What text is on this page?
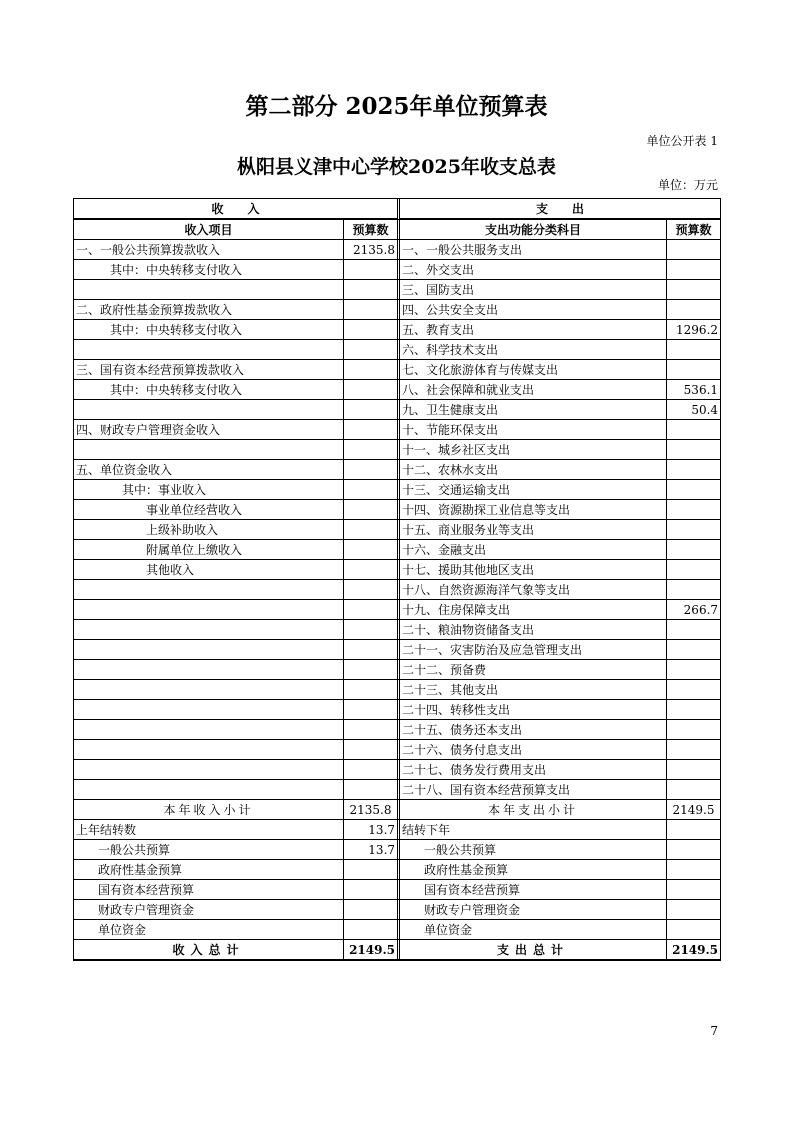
第二部分 2025年单位预算表
单位公开表 1
枞阳县义津中心学校2025年收支总表
单位：万元
收　　入			支　　出	
收入项目	预算数		支出功能分类科目	预算数
一、一般公共预算拨款收入	2135.8		一、一般公共服务支出	
其中：中央转移支付收入			二、外交支出	
			三、国防支出	
二、政府性基金预算拨款收入			四、公共安全支出	
其中：中央转移支付收入			五、教育支出	1296.2
			六、科学技术支出	
三、国有资本经营预算拨款收入			七、文化旅游体育与传媒支出	
其中：中央转移支付收入			八、社会保障和就业支出	536.1
			九、卫生健康支出	50.4
四、财政专户管理资金收入			十、节能环保支出	
			十一、城乡社区支出	
五、单位资金收入			十二、农林水支出	
其中：事业收入			十三、交通运输支出	
事业单位经营收入			十四、资源勘探工业信息等支出	
上级补助收入			十五、商业服务业等支出	
附属单位上缴收入			十六、金融支出	
其他收入			十七、援助其他地区支出	
			十八、自然资源海洋气象等支出	
			十九、住房保障支出	266.7
			二十、粮油物资储备支出	
			二十一、灾害防治及应急管理支出	
			二十二、预备费	
			二十三、其他支出	
			二十四、转移性支出	
			二十五、债务还本支出	
			二十六、债务付息支出	
			二十七、债务发行费用支出	
			二十八、国有资本经营预算支出	
本年收入小计	2135.8		本年支出小计	2149.5
上年结转数	13.7		结转下年	
一般公共预算	13.7		一般公共预算	
政府性基金预算			政府性基金预算	
国有资本经营预算			国有资本经营预算	
财政专户管理资金			财政专户管理资金	
单位资金			单位资金	
收入总计	2149.5		支出总计	2149.5
7
